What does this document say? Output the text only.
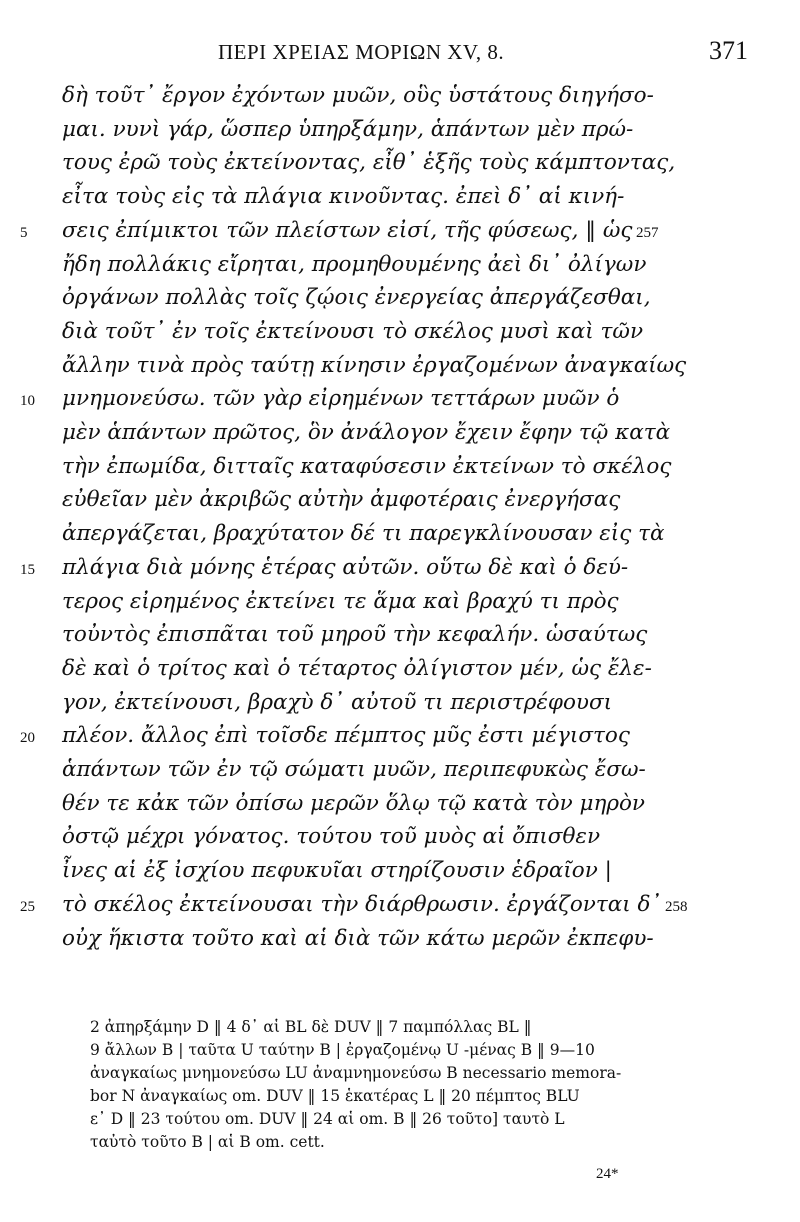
ΠΕΡΙ ΧΡΕΙΑΣ ΜΟΡΙΩΝ XV, 8.	371
δὴ τοῦτ᾽ ἔργον ἐχόντων μυῶν, οὓς ὑστάτους διηγήσο-
μαι. νυνὶ γάρ, ὥσπερ ὑπηρξάμην, ἁπάντων μὲν πρώ-
τους ἐρῶ τοὺς ἐκτείνοντας, εἶθ᾽ ἑξῆς τοὺς κάμπτοντας,
εἶτα τοὺς εἰς τὰ πλάγια κινοῦντας. ἐπεὶ δ᾽ αἱ κινή-
5	σεις ἐπίμικτοι τῶν πλείστων εἰσί, τῆς φύσεως, ‖ ὡς 257
ἤδη πολλάκις εἴρηται, προμηθουμένης ἀεὶ δι᾽ ὀλίγων
ὀργάνων πολλὰς τοῖς ζῴοις ἐνεργείας ἀπεργάζεσθαι,
διὰ τοῦτ᾽ ἐν τοῖς ἐκτείνουσι τὸ σκέλος μυσὶ καὶ τῶν
ἄλλην τινὰ πρὸς ταύτῃ κίνησιν ἐργαζομένων ἀναγκαίως
10	μνημονεύσω. τῶν γὰρ εἰρημένων τεττάρων μυῶν ὁ
μὲν ἁπάντων πρῶτος, ὃν ἀνάλογον ἔχειν ἔφην τῷ κατὰ
τὴν ἐπωμίδα, διτταῖς καταφύσεσιν ἐκτείνων τὸ σκέλος
εὐθεῖαν μὲν ἀκριβῶς αὐτὴν ἀμφοτέραις ἐνεργήσας
ἀπεργάζεται, βραχύτατον δέ τι παρεγκλίνουσαν εἰς τὰ
15	πλάγια διὰ μόνης ἑτέρας αὐτῶν. οὕτω δὲ καὶ ὁ δεύ-
τερος εἰρημένος ἐκτείνει τε ἅμα καὶ βραχύ τι πρὸς
τοὐντὸς ἐπισπᾶται τοῦ μηροῦ τὴν κεφαλήν. ὡσαύτως
δὲ καὶ ὁ τρίτος καὶ ὁ τέταρτος ὀλίγιστον μέν, ὡς ἔλε-
γον, ἐκτείνουσι, βραχὺ δ᾽ αὐτοῦ τι περιστρέφουσι
20	πλέον. ἄλλος ἐπὶ τοῖσδε πέμπτος μῦς ἐστι μέγιστος
ἁπάντων τῶν ἐν τῷ σώματι μυῶν, περιπεφυκὼς ἔσω-
θέν τε κἀκ τῶν ὀπίσω μερῶν ὅλῳ τῷ κατὰ τὸν μηρὸν
ὀστῷ μέχρι γόνατος. τούτου τοῦ μυὸς αἱ ὄπισθεν
ἶνες αἱ ἐξ ἰσχίου πεφυκυῖαι στηρίζουσιν ἑδραῖον |
25	τὸ σκέλος ἐκτείνουσαι τὴν διάρθρωσιν. ἐργάζονται δ᾽ 258
οὐχ ἥκιστα τοῦτο καὶ αἱ διὰ τῶν κάτω μερῶν ἐκπεφυ-
2 ἀπηρξάμην D ‖ 4 δ᾽ αἱ BL δὲ DUV ‖ 7 παμπόλλας BL ‖
9 ἄλλων B | ταῦτα U ταύτην B | ἐργαζομένῳ U -μένας B ‖ 9—10
ἀναγκαίως μνημονεύσω LU ἀναμνημονεύσω B necessario memora-
bor N ἀναγκαίως om. DUV ‖ 15 ἑκατέρας L ‖ 20 πέμπτος BLU
ε᾽ D ‖ 23 τούτου om. DUV ‖ 24 αἱ om. B ‖ 26 τοῦτο] ταυτὸ L
ταὐτὸ τοῦτο B | αἱ B om. cett.
24*
